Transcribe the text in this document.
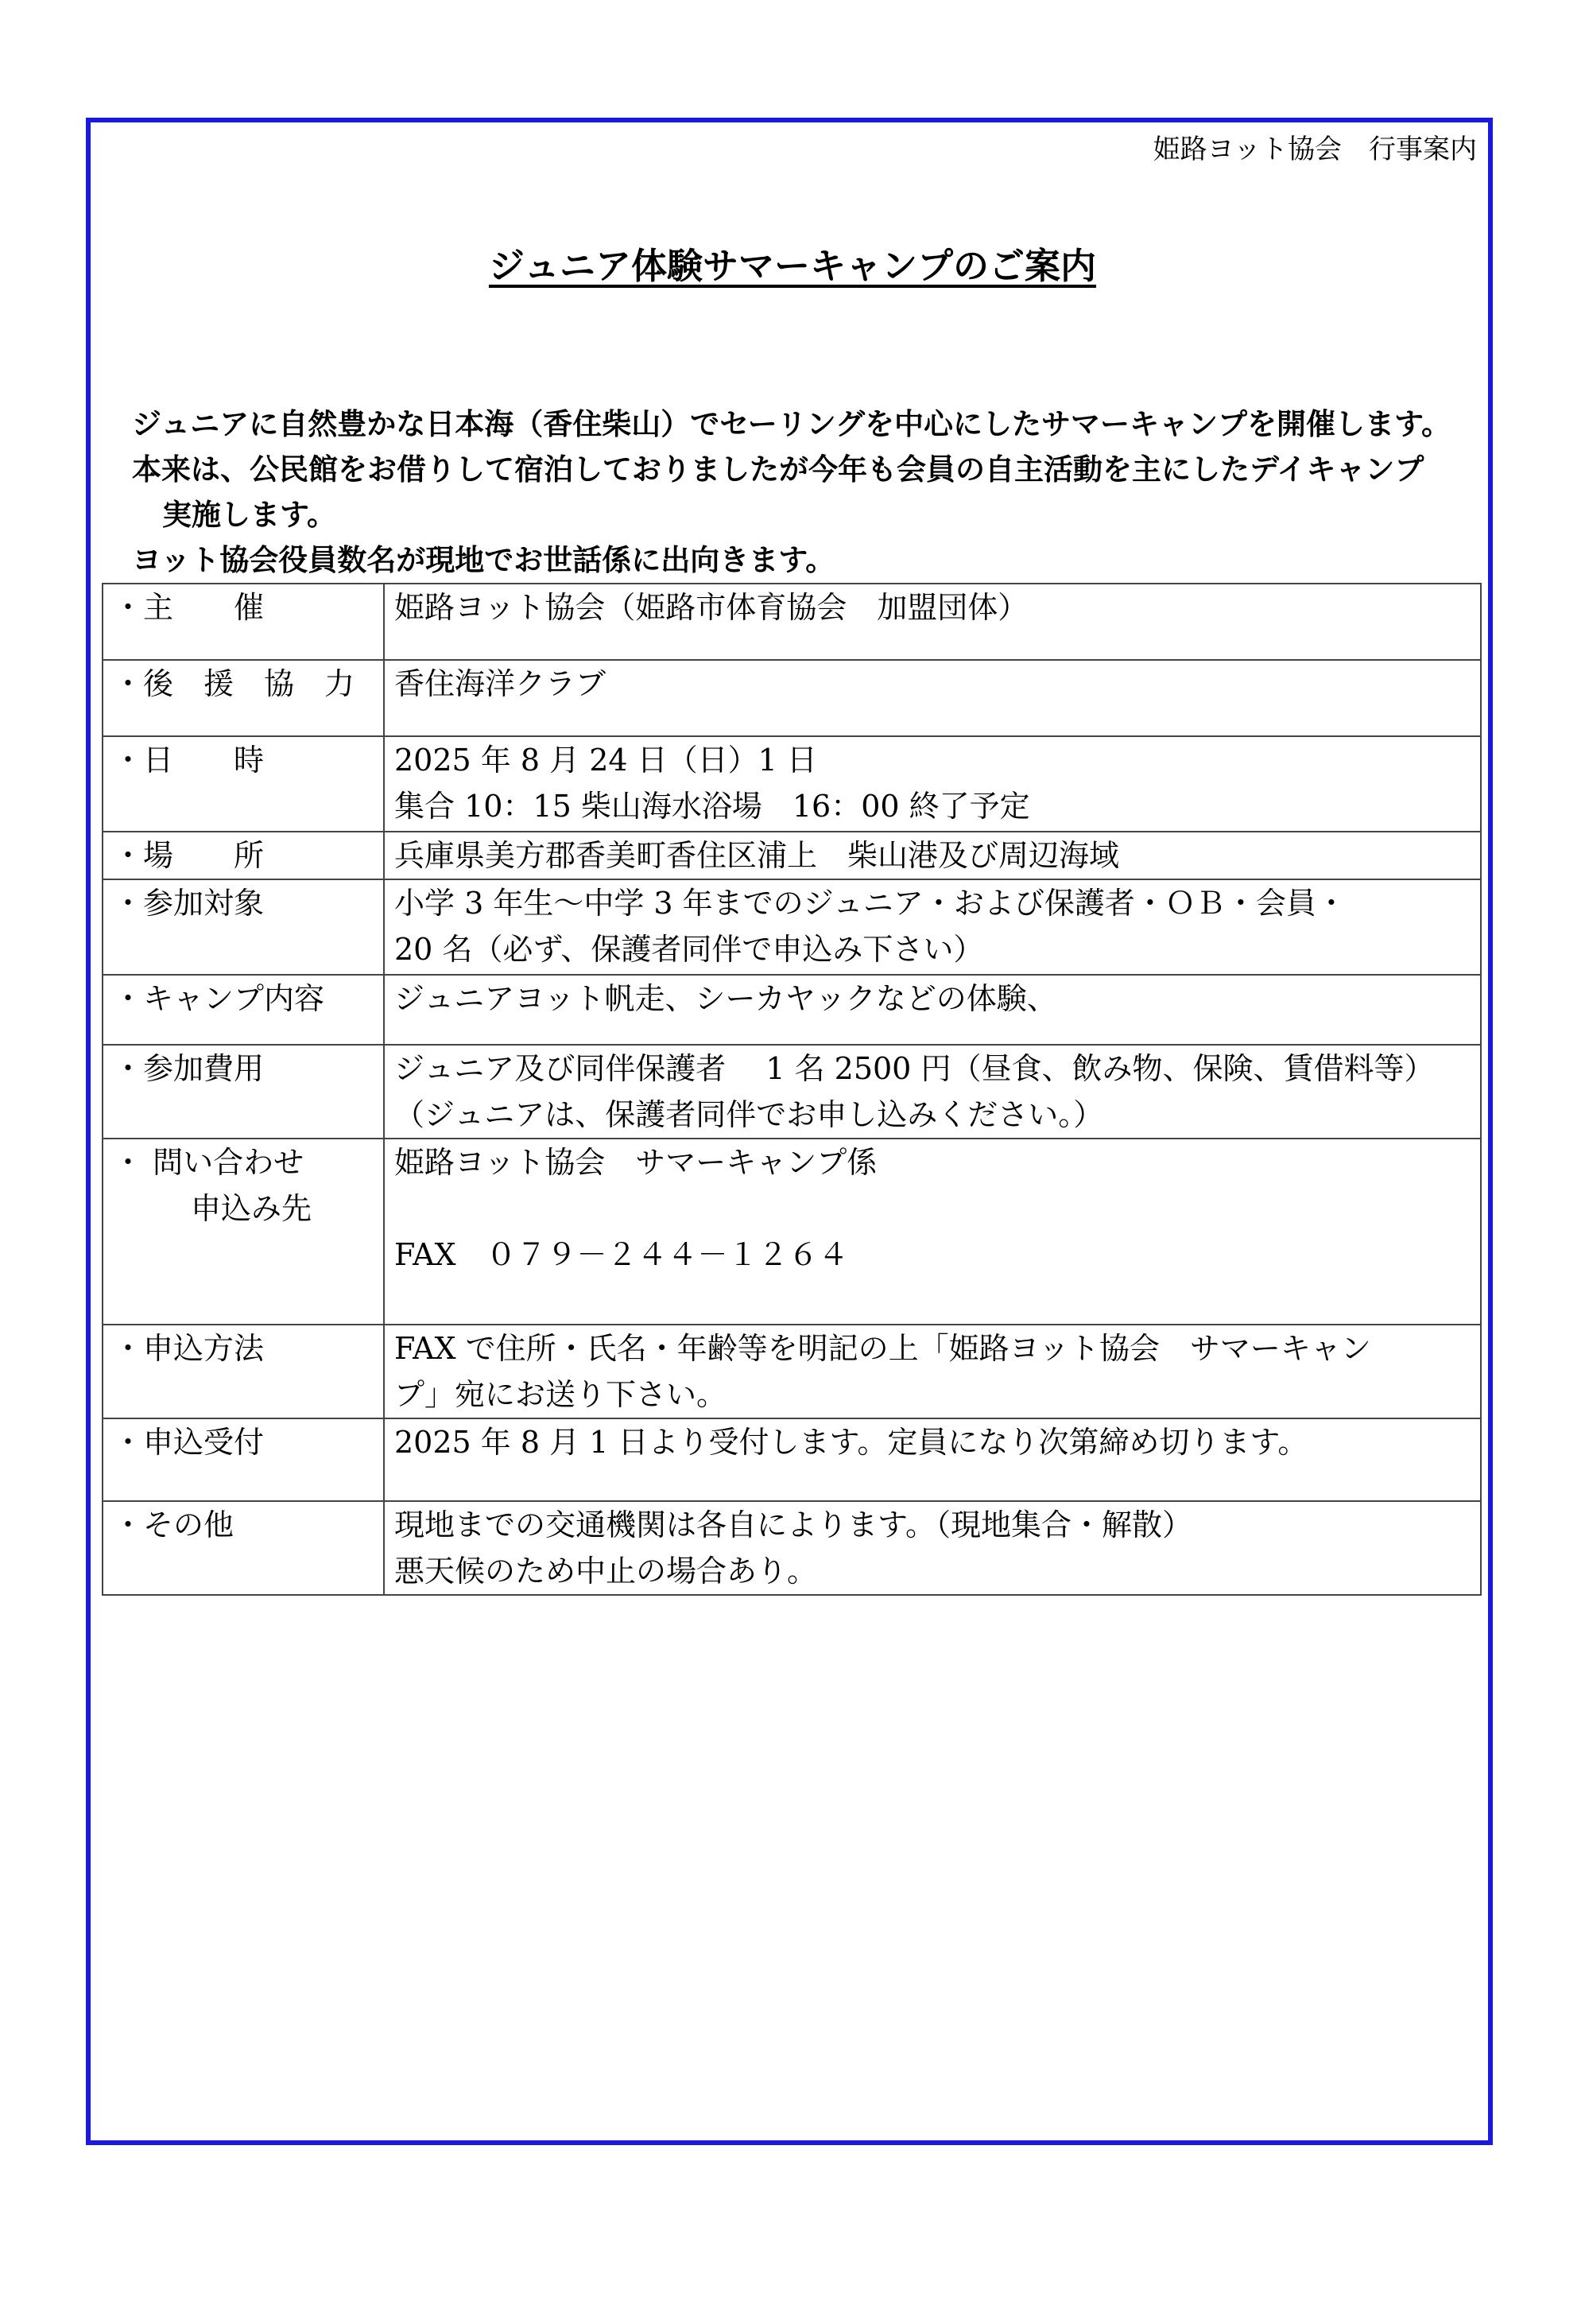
姫路ヨット協会　行事案内
ジュニア体験サマーキャンプのご案内

ジュニアに自然豊かな日本海（香住柴山）でセーリングを中心にしたサマーキャンプを開催します。

本来は、公民館をお借りして宿泊しておりましたが今年も会員の自主活動を主にしたデイキャンプ

実施します。

ヨット協会役員数名が現地でお世話係に出向きます。

・主　　催	姫路ヨット協会（姫路市体育協会　加盟団体）

・後　援　協　力	香住海洋クラブ

・日　　時	2025 年 8 月 24 日（日）1 日
集合 10：15 柴山海水浴場　16：00 終了予定

・場　　所	兵庫県美方郡香美町香住区浦上　柴山港及び周辺海域

・参加対象	小学 3 年生～中学 3 年までのジュニア・および保護者・ＯＢ・会員・
20 名（必ず、保護者同伴で申込み下さい）

・キャンプ内容	ジュニアヨット帆走、シーカヤックなどの体験、

・参加費用	ジュニア及び同伴保護者　 1 名 2500 円（昼食、飲み物、保険、賃借料等）
（ジュニアは、保護者同伴でお申し込みください。）

・ 問い合わせ
申込み先	姫路ヨット協会　サマーキャンプ係
FAX　０７９－２４４－１２６４

・申込方法	FAX で住所・氏名・年齢等を明記の上「姫路ヨット協会　サマーキャン
プ」宛にお送り下さい。

・申込受付	2025 年 8 月 1 日より受付します。定員になり次第締め切ります。

・その他	現地までの交通機関は各自によります。（現地集合・解散）
悪天候のため中止の場合あり。
